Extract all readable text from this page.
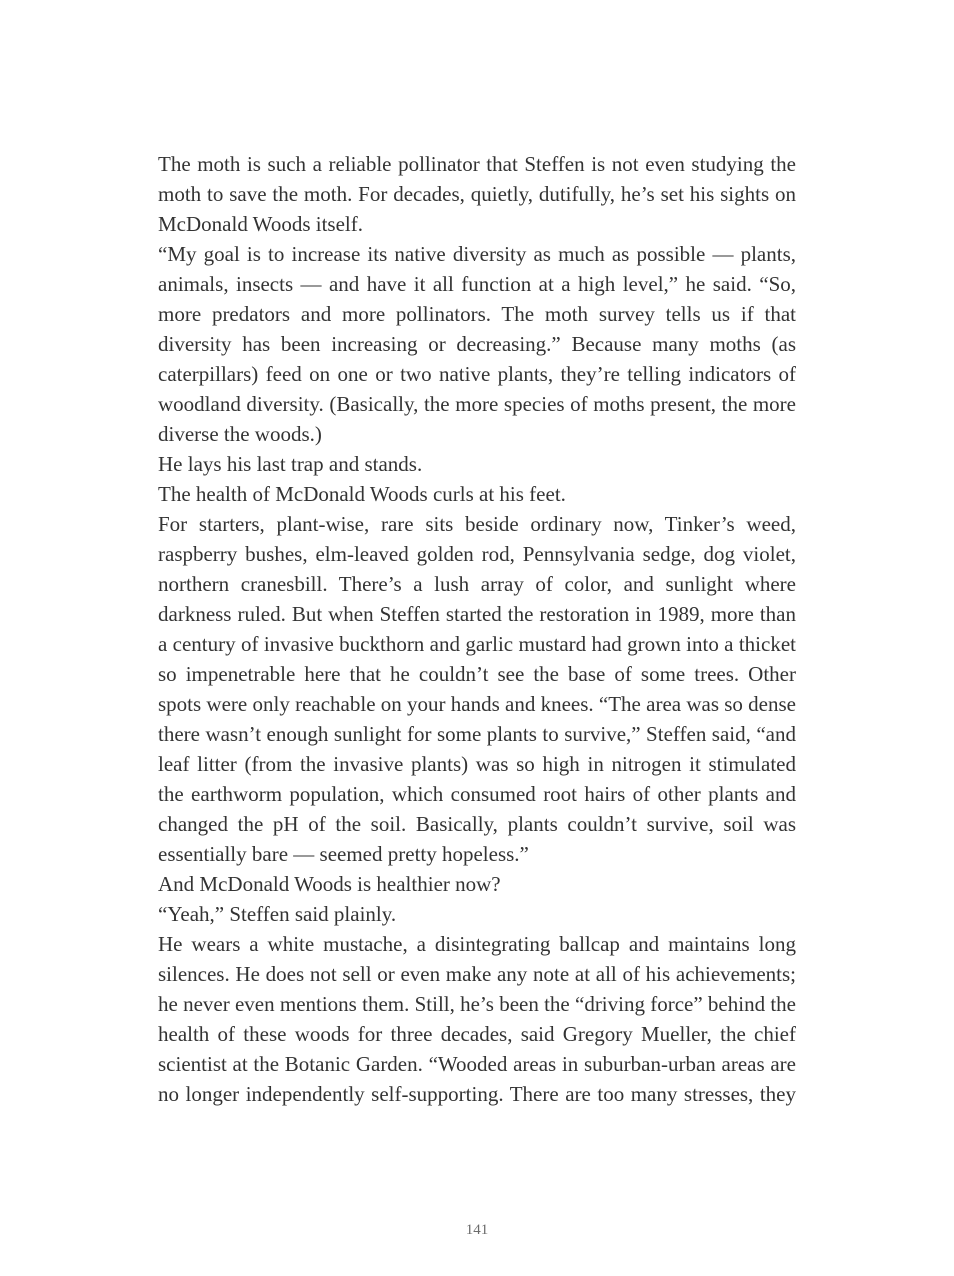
The moth is such a reliable pollinator that Steffen is not even studying the moth to save the moth. For decades, quietly, dutifully, he’s set his sights on McDonald Woods itself.

“My goal is to increase its native diversity as much as possible — plants, animals, insects — and have it all function at a high level,” he said. “So, more predators and more pollinators. The moth survey tells us if that diversity has been increasing or decreasing.” Because many moths (as caterpillars) feed on one or two native plants, they’re telling indicators of woodland diversity. (Basically, the more species of moths present, the more diverse the woods.)

He lays his last trap and stands.

The health of McDonald Woods curls at his feet.

For starters, plant-wise, rare sits beside ordinary now, Tinker’s weed, raspberry bushes, elm-leaved golden rod, Pennsylvania sedge, dog violet, northern cranesbill. There’s a lush array of color, and sunlight where darkness ruled. But when Steffen started the restoration in 1989, more than a century of invasive buckthorn and garlic mustard had grown into a thicket so impenetrable here that he couldn’t see the base of some trees. Other spots were only reachable on your hands and knees. “The area was so dense there wasn’t enough sunlight for some plants to survive,” Steffen said, “and leaf litter (from the invasive plants) was so high in nitrogen it stimulated the earthworm population, which consumed root hairs of other plants and changed the pH of the soil. Basically, plants couldn’t survive, soil was essentially bare — seemed pretty hopeless.”

And McDonald Woods is healthier now?

“Yeah,” Steffen said plainly.

He wears a white mustache, a disintegrating ballcap and maintains long silences. He does not sell or even make any note at all of his achievements; he never even mentions them. Still, he’s been the “driving force” behind the health of these woods for three decades, said Gregory Mueller, the chief scientist at the Botanic Garden. “Wooded areas in suburban-urban areas are no longer independently self-supporting. There are too many stresses, they

141
